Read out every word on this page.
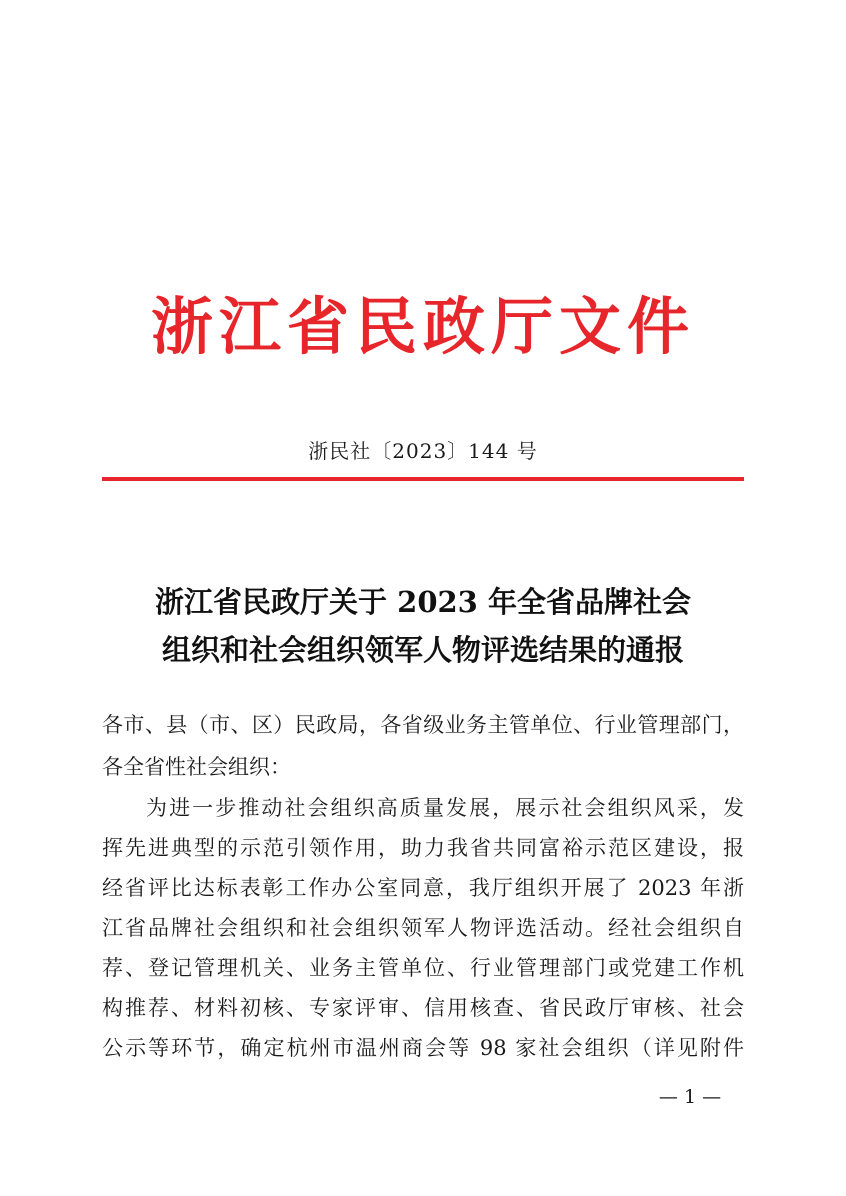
浙江省民政厅文件
浙民社〔2023〕144 号
浙江省民政厅关于 2023 年全省品牌社会
组织和社会组织领军人物评选结果的通报
各市、县（市、区）民政局，各省级业务主管单位、行业管理部门，各全省性社会组织：
为进一步推动社会组织高质量发展，展示社会组织风采，发
挥先进典型的示范引领作用，助力我省共同富裕示范区建设，报
经省评比达标表彰工作办公室同意，我厅组织开展了 2023 年浙
江省品牌社会组织和社会组织领军人物评选活动。经社会组织自
荐、登记管理机关、业务主管单位、行业管理部门或党建工作机
构推荐、材料初核、专家评审、信用核查、省民政厅审核、社会
公示等环节，确定杭州市温州商会等 98 家社会组织（详见附件
— 1 —
